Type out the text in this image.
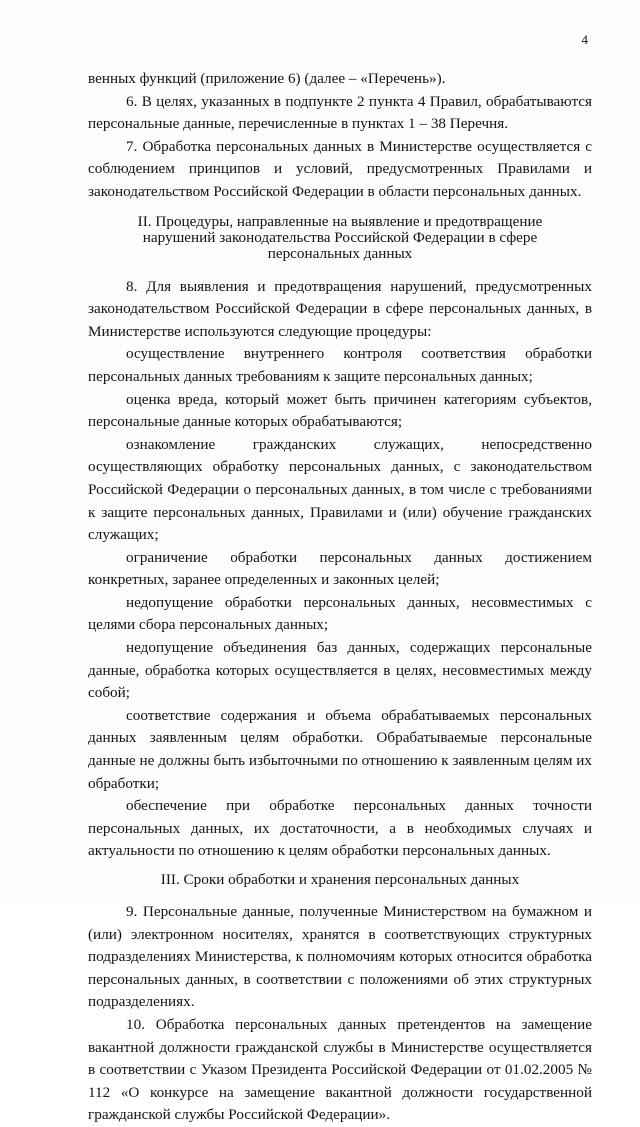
4

венных функций (приложение 6) (далее – «Перечень»).

6. В целях, указанных в подпункте 2 пункта 4 Правил, обрабатываются персональные данные, перечисленные в пунктах 1 – 38 Перечня.

7. Обработка персональных данных в Министерстве осуществляется с соблюдением принципов и условий, предусмотренных Правилами и законодательством Российской Федерации в области персональных данных.

II. Процедуры, направленные на выявление и предотвращение
нарушений законодательства Российской Федерации в сфере
персональных данных

8. Для выявления и предотвращения нарушений, предусмотренных законодательством Российской Федерации в сфере персональных данных, в Министерстве используются следующие процедуры:

осуществление внутреннего контроля соответствия обработки персональных данных требованиям к защите персональных данных;

оценка вреда, который может быть причинен категориям субъектов, персональные данные которых обрабатываются;

ознакомление гражданских служащих, непосредственно осуществляющих обработку персональных данных, с законодательством Российской Федерации о персональных данных, в том числе с требованиями к защите персональных данных, Правилами и (или) обучение гражданских служащих;

ограничение обработки персональных данных достижением конкретных, заранее определенных и законных целей;

недопущение обработки персональных данных, несовместимых с целями сбора персональных данных;

недопущение объединения баз данных, содержащих персональные данные, обработка которых осуществляется в целях, несовместимых между собой;

соответствие содержания и объема обрабатываемых персональных данных заявленным целям обработки. Обрабатываемые персональные данные не должны быть избыточными по отношению к заявленным целям их обработки;

обеспечение при обработке персональных данных точности персональных данных, их достаточности, а в необходимых случаях и актуальности по отношению к целям обработки персональных данных.

III. Сроки обработки и хранения персональных данных

9. Персональные данные, полученные Министерством на бумажном и (или) электронном носителях, хранятся в соответствующих структурных подразделениях Министерства, к полномочиям которых относится обработка персональных данных, в соответствии с положениями об этих структурных подразделениях.

10. Обработка персональных данных претендентов на замещение вакантной должности гражданской службы в Министерстве осуществляется в соответствии с Указом Президента Российской Федерации от 01.02.2005 № 112 «О конкурсе на замещение вакантной должности государственной гражданской службы Российской Федерации».
